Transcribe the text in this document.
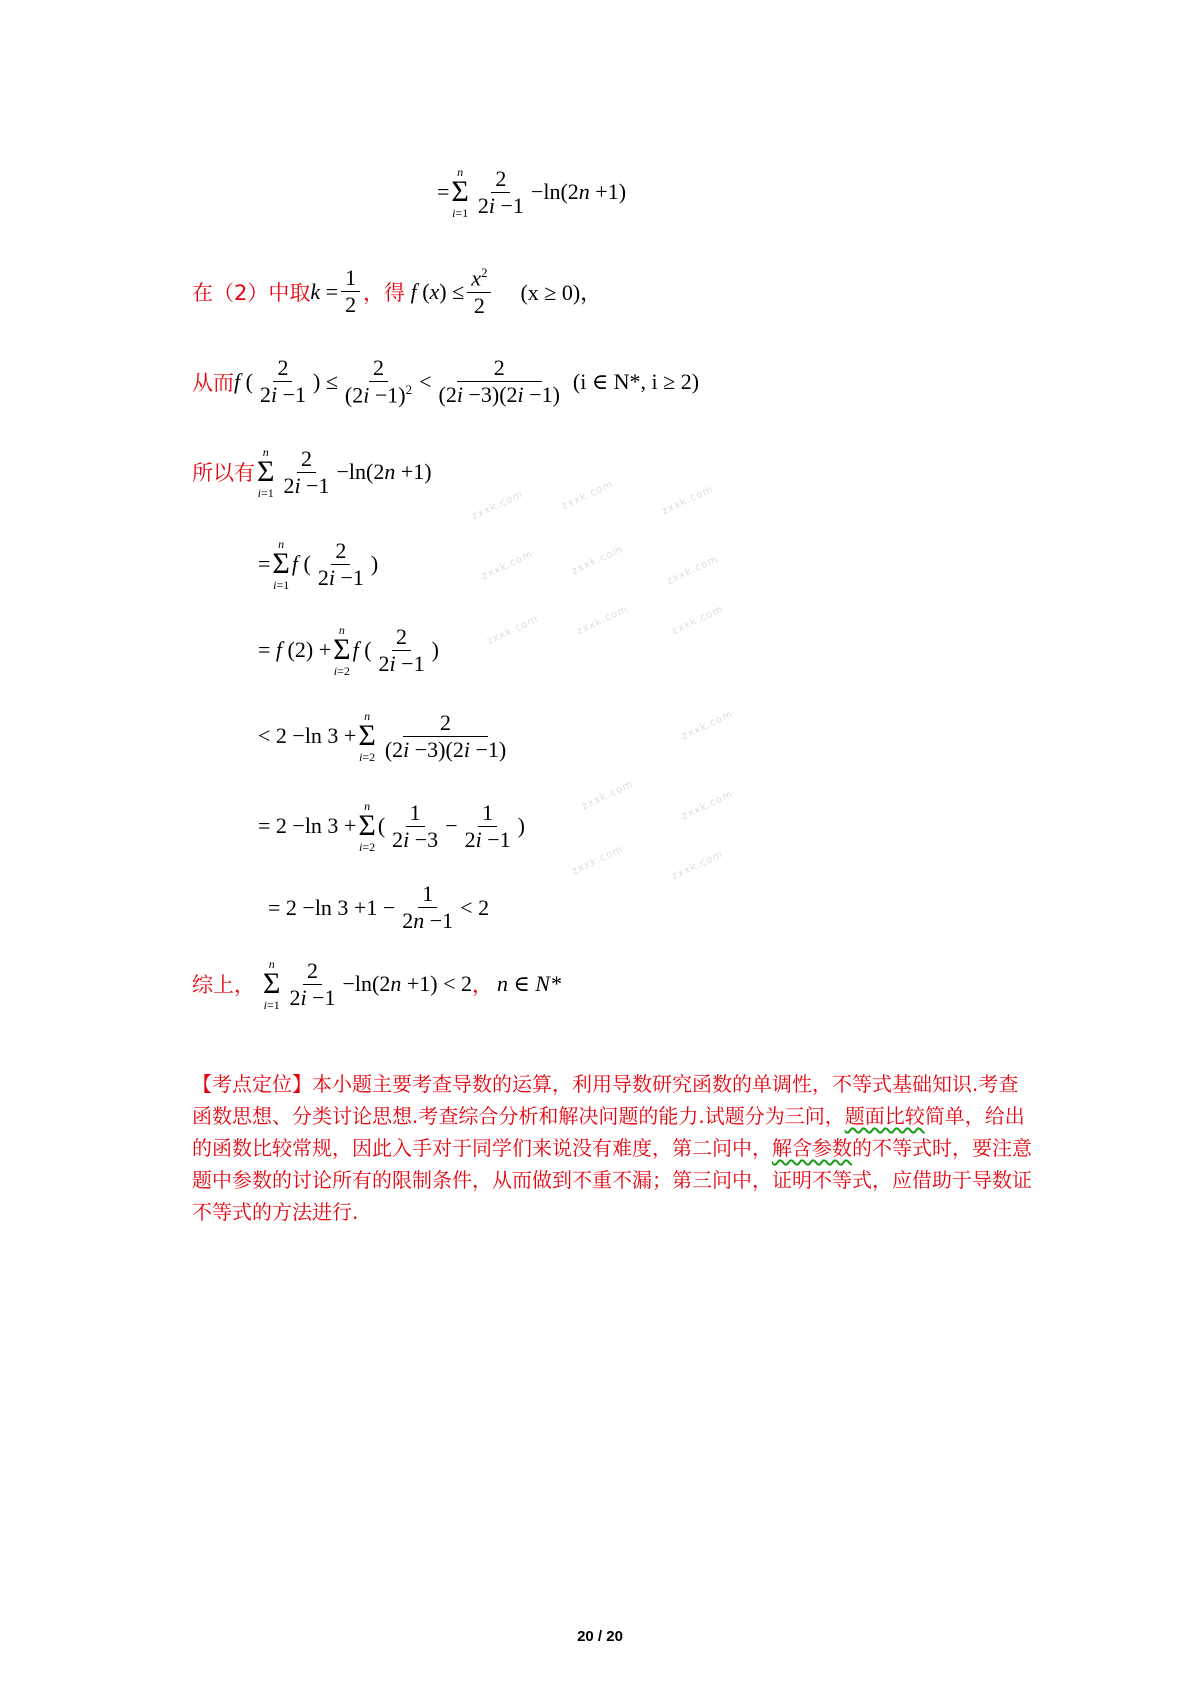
zxxk.com	zxxk.com	zxxk.com
zxxk.com	zxxk.com	zxxk.com
zxxk.com	zxxk.com	zxxk.com
zxxk.com
zxxk.com	zxxk.com
zxxk.com	zxxk.com
=
n
Σ
$i=1 \frac{2}{2i -1} -\ln(2n +1)$
在（2）中取 $k = \frac{1}{2}$ ，得 f $(x) \le \frac{x^2}{2} (x \ge 0)$，
从而 f ( $\frac{2}{2i -1}$ ) ≤ $\frac{2}{(2i -1)^2} < \frac{2}{(2i -3)(2i -1)} (i$ ∈ N*, i ≥ 2)
所以有
n
Σ
$i=1 \frac{2}{2i -1} -\ln(2n +1)$
=
n
Σ
i=1
f ( $\frac{2}{2i -1}$ )
= f (2) +
n
Σ
i=2
f ( $\frac{2}{2i -1}$ )
< 2 −ln 3 +
n
Σ
$i=2 \frac{2}{(2i -3)(2i -1)}$
= 2 −ln 3 +
n
Σ
i=2
( $\frac{1}{2i -3} - \frac{1}{2i -1}$ )
= 2 −ln $3 +1 - \frac{1}{2n -1} < 2$
综上，
n
Σ
$i=1 \frac{2}{2i -1} -\ln(2n +1) < 2$ ， n ∈ N*
【考点定位】本小题主要考查导数的运算，利用导数研究函数的单调性，不等式基础知识.考查函数思想、分类讨论思想.考查综合分析和解决问题的能力.试题分为三问，题面比较简单，给出的函数比较常规，因此入手对于同学们来说没有难度，第二问中，解含参数的不等式时，要注意题中参数的讨论所有的限制条件，从而做到不重不漏；第三问中，证明不等式，应借助于导数证不等式的方法进行.
20 / 20
